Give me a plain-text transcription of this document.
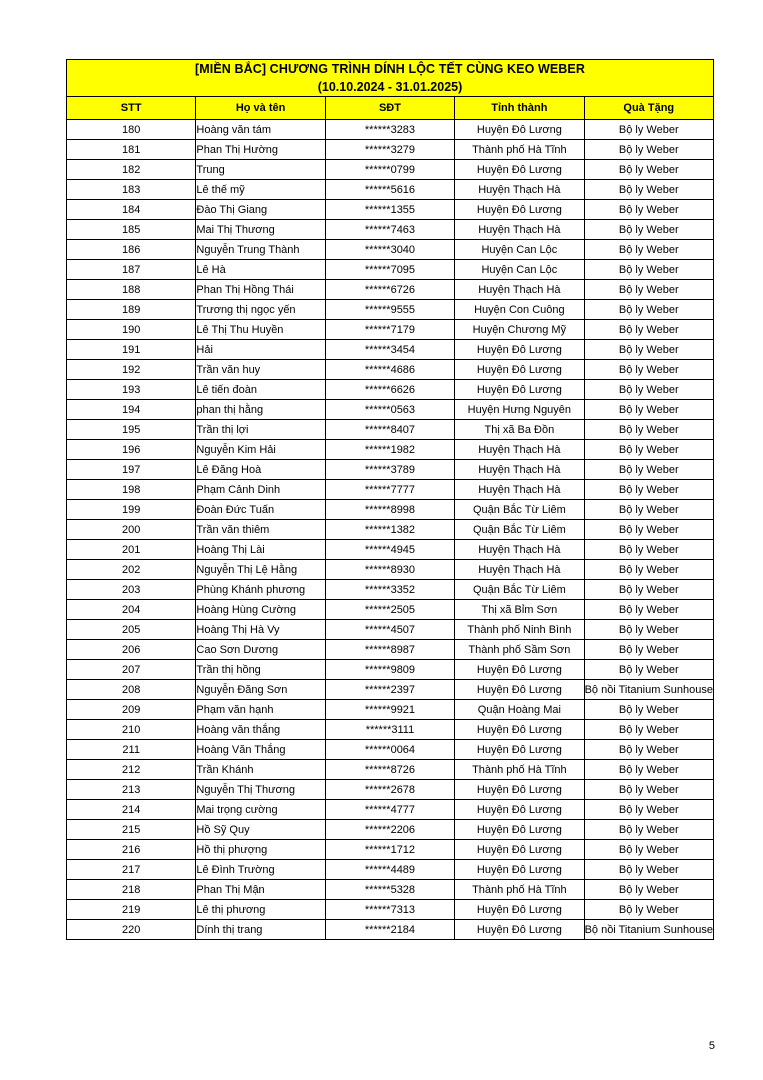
[MIỀN BẮC] CHƯƠNG TRÌNH DÍNH LỘC TẾT CÙNG KEO WEBER
(10.10.2024 - 31.01.2025)				

STT	Họ và tên	SĐT	Tỉnh thành	Quà Tặng
180	Hoàng văn tám	******3283	Huyện Đô Lương	Bộ ly Weber
181	Phan Thị Hường	******3279	Thành phố Hà Tĩnh	Bộ ly Weber
182	Trung	******0799	Huyện Đô Lương	Bộ ly Weber
183	Lê thế mỹ	******5616	Huyện Thạch Hà	Bộ ly Weber
184	Đào Thị Giang	******1355	Huyện Đô Lương	Bộ ly Weber
185	Mai Thị Thương	******7463	Huyện Thạch Hà	Bộ ly Weber
186	Nguyễn Trung Thành	******3040	Huyện Can Lộc	Bộ ly Weber
187	Lê Hà	******7095	Huyện Can Lộc	Bộ ly Weber
188	Phan Thị Hồng Thái	******6726	Huyện Thạch Hà	Bộ ly Weber
189	Trương thị ngọc yến	******9555	Huyện Con Cuông	Bộ ly Weber
190	Lê Thị Thu Huyền	******7179	Huyện Chương Mỹ	Bộ ly Weber
191	Hải	******3454	Huyện Đô Lương	Bộ ly Weber
192	Trần văn huy	******4686	Huyện Đô Lương	Bộ ly Weber
193	Lê tiến đoàn	******6626	Huyện Đô Lương	Bộ ly Weber
194	phan thị hằng	******0563	Huyện Hưng Nguyên	Bộ ly Weber
195	Trần thị lợi	******8407	Thị xã Ba Đồn	Bộ ly Weber
196	Nguyễn Kim Hải	******1982	Huyện Thạch Hà	Bộ ly Weber
197	Lê Đăng Hoà	******3789	Huyện Thạch Hà	Bộ ly Weber
198	Phạm Cảnh Dinh	******7777	Huyện Thạch Hà	Bộ ly Weber
199	Đoàn Đức Tuấn	******8998	Quận Bắc Từ Liêm	Bộ ly Weber
200	Trần văn thiêm	******1382	Quận Bắc Từ Liêm	Bộ ly Weber
201	Hoàng Thị Lài	******4945	Huyện Thạch Hà	Bộ ly Weber
202	Nguyễn Thị Lệ Hằng	******8930	Huyện Thạch Hà	Bộ ly Weber
203	Phùng Khánh phương	******3352	Quận Bắc Từ Liêm	Bộ ly Weber
204	Hoàng Hùng Cường	******2505	Thị xã Bỉm Sơn	Bộ ly Weber
205	Hoàng Thị Hà Vy	******4507	Thành phố Ninh Bình	Bộ ly Weber
206	Cao Sơn Dương	******8987	Thành phố Sầm Sơn	Bộ ly Weber
207	Trần thị hồng	******9809	Huyện Đô Lương	Bộ ly Weber
208	Nguyễn Đăng Sơn	******2397	Huyện Đô Lương	Bộ nồi Titanium Sunhouse
209	Phạm văn hạnh	******9921	Quận Hoàng Mai	Bộ ly Weber
210	Hoàng văn thắng	******3111	Huyện Đô Lương	Bộ ly Weber
211	Hoàng Văn Thắng	******0064	Huyện Đô Lương	Bộ ly Weber
212	Trần Khánh	******8726	Thành phố Hà Tĩnh	Bộ ly Weber
213	Nguyễn Thị Thương	******2678	Huyện Đô Lương	Bộ ly Weber
214	Mai trọng cường	******4777	Huyện Đô Lương	Bộ ly Weber
215	Hồ Sỹ Quy	******2206	Huyện Đô Lương	Bộ ly Weber
216	Hồ thị phượng	******1712	Huyện Đô Lương	Bộ ly Weber
217	Lê Đình Trường	******4489	Huyện Đô Lương	Bộ ly Weber
218	Phan Thị Mận	******5328	Thành phố Hà Tĩnh	Bộ ly Weber
219	Lê thị phương	******7313	Huyện Đô Lương	Bộ ly Weber
220	Dính thị trang	******2184	Huyện Đô Lương	Bộ nồi Titanium Sunhouse
5
